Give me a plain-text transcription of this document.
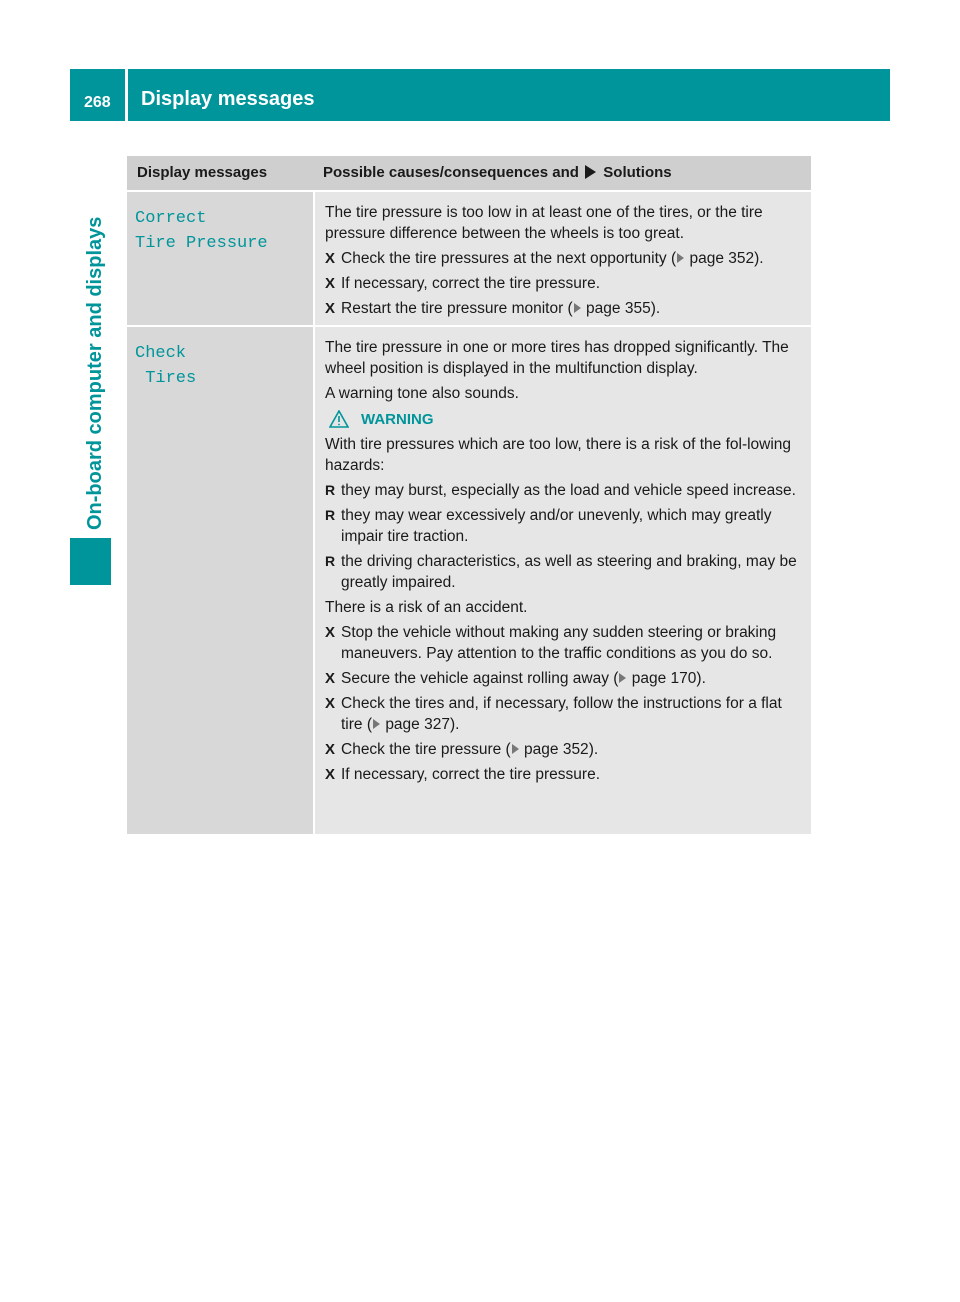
268 Display messages
On-board computer and displays
Display messages	Possible causes/consequences and Solutions
Correct
Tire Pressure

The tire pressure is too low in at least one of the tires, or the tire pressure difference between the wheels is too great.

X Check the tire pressures at the next opportunity ( page 352).
X If necessary, correct the tire pressure.
X Restart the tire pressure monitor ( page 355).
Check
Tires

The tire pressure in one or more tires has dropped significantly. The wheel position is displayed in the multifunction display.

A warning tone also sounds.

WARNING

With tire pressures which are too low, there is a risk of the fol-lowing hazards:

R they may burst, especially as the load and vehicle speed increase.
R they may wear excessively and/or unevenly, which may greatly impair tire traction.
R the driving characteristics, as well as steering and braking, may be greatly impaired.

There is a risk of an accident.

X Stop the vehicle without making any sudden steering or braking maneuvers. Pay attention to the traffic conditions as you do so.
X Secure the vehicle against rolling away ( page 170).
X Check the tires and, if necessary, follow the instructions for a flat tire ( page 327).
X Check the tire pressure ( page 352).
X If necessary, correct the tire pressure.
